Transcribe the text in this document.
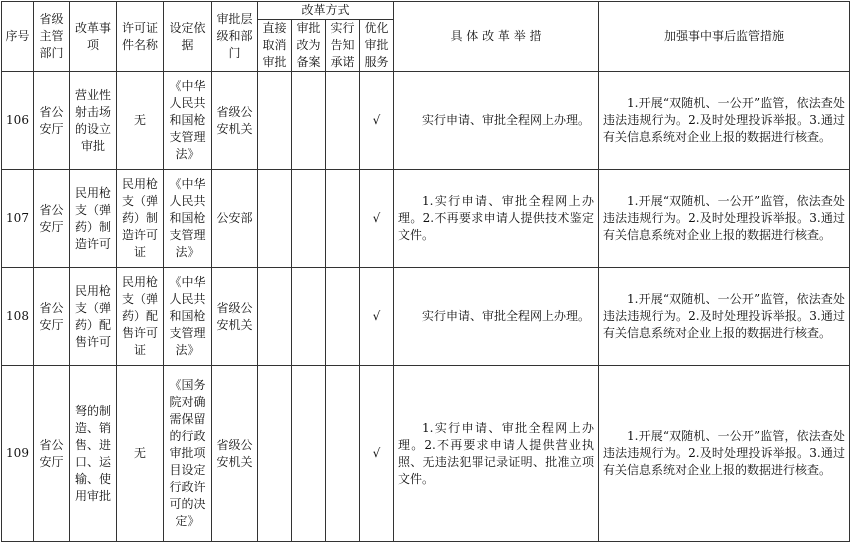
序号	省级主管部门	改革事项	许可证件名称	设定依据	审批层级和部门	改革方式				具 体 改 革 举 措	加强事中事后监管措施
						直接取消审批	审批改为备案	实行告知承诺	优化审批服务		
106	省公安厅	营业性射击场的设立审批	无	《中华人民共和国枪支管理法》	省级公安机关				√	实行申请、审批全程网上办理。	1.开展“双随机、一公开”监管，依法查处违法违规行为。2.及时处理投诉举报。3.通过有关信息系统对企业上报的数据进行核查。
107	省公安厅	民用枪支（弹药）制造许可	民用枪支（弹药）制造许可证	《中华人民共和国枪支管理法》	公安部				√	1.实行申请、审批全程网上办理。2.不再要求申请人提供技术鉴定文件。	1.开展“双随机、一公开”监管，依法查处违法违规行为。2.及时处理投诉举报。3.通过有关信息系统对企业上报的数据进行核查。
108	省公安厅	民用枪支（弹药）配售许可	民用枪支（弹药）配售许可证	《中华人民共和国枪支管理法》	省级公安机关				√	实行申请、审批全程网上办理。	1.开展“双随机、一公开”监管，依法查处违法违规行为。2.及时处理投诉举报。3.通过有关信息系统对企业上报的数据进行核查。
109	省公安厅	弩的制造、销售、进口、运输、使用审批	无	《国务院对确需保留的行政审批项目设定行政许可的决定》	省级公安机关				√	1.实行申请、审批全程网上办理。2.不再要求申请人提供营业执照、无违法犯罪记录证明、批准立项文件。	1.开展“双随机、一公开”监管，依法查处违法违规行为。2.及时处理投诉举报。3.通过有关信息系统对企业上报的数据进行核查。
